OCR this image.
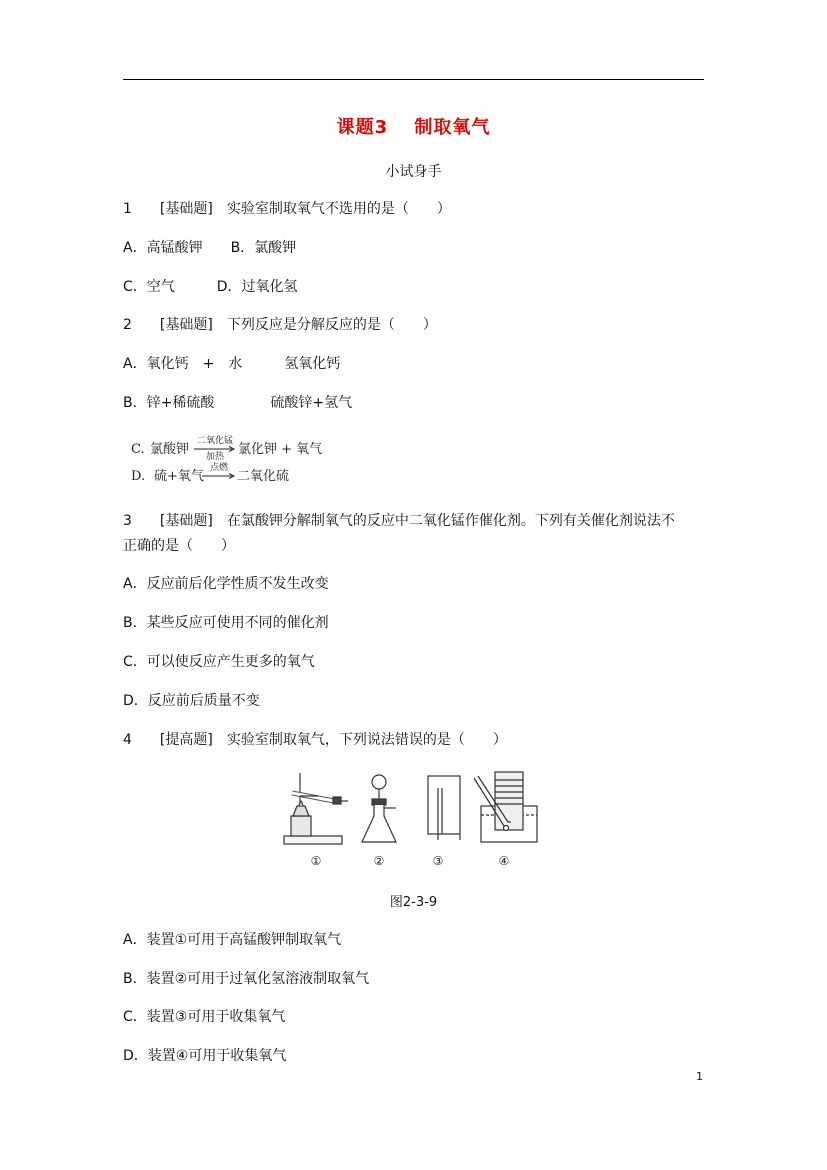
课题3　 制取氧气
小试身手
1　　[基础题]　实验室制取氧气不选用的是（　　）
A．高锰酸钾　　B．氯酸钾
C．空气　　　D．过氧化氢
2　　[基础题]　下列反应是分解反应的是（　　）
A．氧化钙　+　水　　　氢氧化钙
B．锌+稀硫酸　　　　硫酸锌+氢气
C. 氯酸钾
二氧化锰
加热	氯化钾 + 氧气
D. 硫+氧气
点燃
二氧化硫
3　　[基础题]　在氯酸钾分解制氧气的反应中二氧化锰作催化剂。下列有关催化剂说法不
正确的是（　　）
A．反应前后化学性质不发生改变
B．某些反应可使用不同的催化剂
C．可以使反应产生更多的氧气
D．反应前后质量不变
4　　[提高题]　实验室制取氧气，下列说法错误的是（　　）
①	②	③	④
图2-3-9
A．装置①可用于高锰酸钾制取氧气
B．装置②可用于过氧化氢溶液制取氧气
C．装置③可用于收集氧气
D．装置④可用于收集氧气
1
